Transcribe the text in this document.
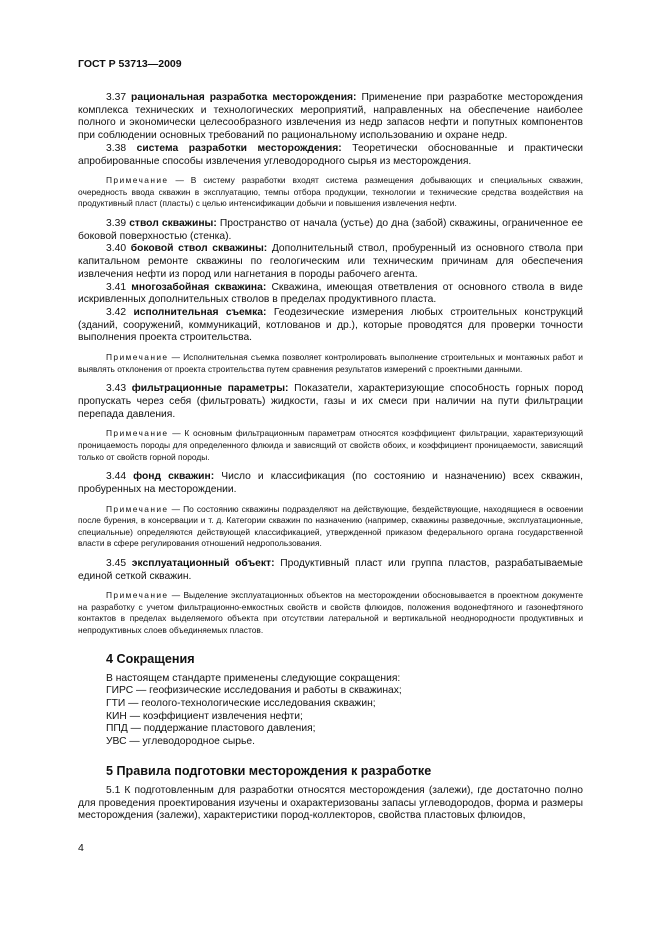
ГОСТ Р 53713—2009

3.37 рациональная разработка месторождения: Применение при разработке месторождения комплекса технических и технологических мероприятий, направленных на обеспечение наиболее полного и экономически целесообразного извлечения из недр запасов нефти и попутных компонентов при соблюдении основных требований по рациональному использованию и охране недр.

3.38 система разработки месторождения: Теоретически обоснованные и практически апробированные способы извлечения углеводородного сырья из месторождения.

Примечание — В систему разработки входят система размещения добывающих и специальных скважин, очередность ввода скважин в эксплуатацию, темпы отбора продукции, технологии и технические средства воздействия на продуктивный пласт (пласты) с целью интенсификации добычи и повышения извлечения нефти.

3.39 ствол скважины: Пространство от начала (устье) до дна (забой) скважины, ограниченное ее боковой поверхностью (стенка).

3.40 боковой ствол скважины: Дополнительный ствол, пробуренный из основного ствола при капитальном ремонте скважины по геологическим или техническим причинам для обеспечения извлечения нефти из пород или нагнетания в породы рабочего агента.

3.41 многозабойная скважина: Скважина, имеющая ответвления от основного ствола в виде искривленных дополнительных стволов в пределах продуктивного пласта.

3.42 исполнительная съемка: Геодезические измерения любых строительных конструкций (зданий, сооружений, коммуникаций, котлованов и др.), которые проводятся для проверки точности выполнения проекта строительства.

Примечание — Исполнительная съемка позволяет контролировать выполнение строительных и монтажных работ и выявлять отклонения от проекта строительства путем сравнения результатов измерений с проектными данными.

3.43 фильтрационные параметры: Показатели, характеризующие способность горных пород пропускать через себя (фильтровать) жидкости, газы и их смеси при наличии на пути фильтрации перепада давления.

Примечание — К основным фильтрационным параметрам относятся коэффициент фильтрации, характеризующий проницаемость породы для определенного флюида и зависящий от свойств обоих, и коэффициент проницаемости, зависящий только от свойств горной породы.

3.44 фонд скважин: Число и классификация (по состоянию и назначению) всех скважин, пробуренных на месторождении.

Примечание — По состоянию скважины подразделяют на действующие, бездействующие, находящиеся в освоении после бурения, в консервации и т. д. Категории скважин по назначению (например, скважины разведочные, эксплуатационные, специальные) определяются действующей классификацией, утвержденной приказом федерального органа государственной власти в сфере регулирования отношений недропользования.

3.45 эксплуатационный объект: Продуктивный пласт или группа пластов, разрабатываемые единой сеткой скважин.

Примечание — Выделение эксплуатационных объектов на месторождении обосновывается в проектном документе на разработку с учетом фильтрационно-емкостных свойств и свойств флюидов, положения водонефтяного и газонефтяного контактов в пределах выделяемого объекта при отсутствии латеральной и вертикальной неоднородности продуктивных и непродуктивных слоев объединяемых пластов.

4 Сокращения

В настоящем стандарте применены следующие сокращения:

ГИРС — геофизические исследования и работы в скважинах;

ГТИ — геолого-технологические исследования скважин;

КИН — коэффициент извлечения нефти;

ППД — поддержание пластового давления;

УВС — углеводородное сырье.

5 Правила подготовки месторождения к разработке

5.1 К подготовленным для разработки относятся месторождения (залежи), где достаточно полно для проведения проектирования изучены и охарактеризованы запасы углеводородов, форма и размеры месторождения (залежи), характеристики пород-коллекторов, свойства пластовых флюидов,

4
